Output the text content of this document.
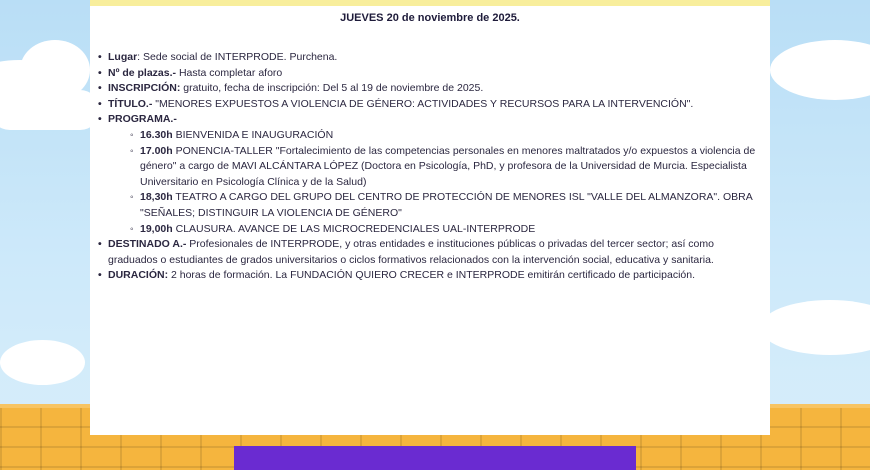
JUEVES 20 de noviembre de 2025.
• Lugar: Sede social de INTERPRODE. Purchena.
• Nº de plazas.- Hasta completar aforo
• INSCRIPCIÓN: gratuito, fecha de inscripción: Del 5 al 19 de noviembre de 2025.
• TÍTULO.- "MENORES EXPUESTOS A VIOLENCIA DE GÉNERO: ACTIVIDADES Y RECURSOS PARA LA INTERVENCIÓN".
• PROGRAMA.-
◦ 16.30h BIENVENIDA E INAUGURACIÓN
◦ 17.00h PONENCIA-TALLER "Fortalecimiento de las competencias personales en menores maltratados y/o expuestos a violencia de género" a cargo de MAVI ALCÁNTARA LÓPEZ (Doctora en Psicología, PhD, y profesora de la Universidad de Murcia. Especialista Universitario en Psicología Clínica y de la Salud)
◦ 18,30h TEATRO A CARGO DEL GRUPO DEL CENTRO DE PROTECCIÓN DE MENORES ISL "VALLE DEL ALMANZORA". OBRA "SEÑALES; DISTINGUIR LA VIOLENCIA DE GÉNERO"
◦ 19,00h CLAUSURA. AVANCE DE LAS MICROCREDENCIALES UAL-INTERPRODE
• DESTINADO A.- Profesionales de INTERPRODE, y otras entidades e instituciones públicas o privadas del tercer sector; así como graduados o estudiantes de grados universitarios o ciclos formativos relacionados con la intervención social, educativa y sanitaria.
• DURACIÓN: 2 horas de formación. La FUNDACIÓN QUIERO CRECER e INTERPRODE emitirán certificado de participación.
